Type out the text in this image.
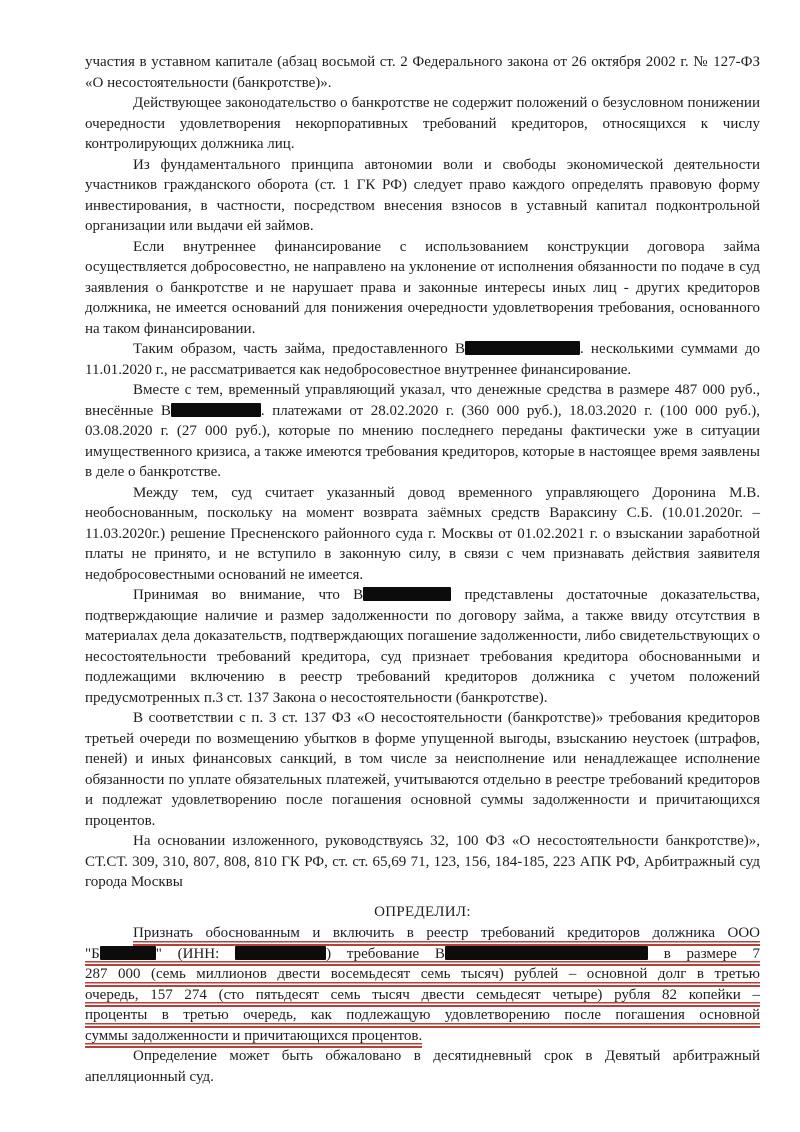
участия в уставном капитале (абзац восьмой ст. 2 Федерального закона от 26 октября 2002 г. № 127-ФЗ «О несостоятельности (банкротстве)».

Действующее законодательство о банкротстве не содержит положений о безусловном понижении очередности удовлетворения некорпоративных требований кредиторов, относящихся к числу контролирующих должника лиц.

Из фундаментального принципа автономии воли и свободы экономической деятельности участников гражданского оборота (ст. 1 ГК РФ) следует право каждого определять правовую форму инвестирования, в частности, посредством внесения взносов в уставный капитал подконтрольной организации или выдачи ей займов.

Если внутреннее финансирование с использованием конструкции договора займа осуществляется добросовестно, не направлено на уклонение от исполнения обязанности по подаче в суд заявления о банкротстве и не нарушает права и законные интересы иных лиц - других кредиторов должника, не имеется оснований для понижения очередности удовлетворения требования, основанного на таком финансировании.

Таким образом, часть займа, предоставленного В	. несколькими суммами до 11.01.2020 г., не рассматривается как недобросовестное внутреннее финансирование.

Вместе с тем, временный управляющий указал, что денежные средства в размере 487 000 руб., внесённые В	. платежами от 28.02.2020 г. (360 000 руб.), 18.03.2020 г. (100 000 руб.), 03.08.2020 г. (27 000 руб.), которые по мнению последнего переданы фактически уже в ситуации имущественного кризиса, а также имеются требования кредиторов, которые в настоящее время заявлены в деле о банкротстве.

Между тем, суд считает указанный довод временного управляющего Доронина М.В. необоснованным, поскольку на момент возврата заёмных средств Вараксину С.Б. (10.01.2020г. – 11.03.2020г.) решение Пресненского районного суда г. Москвы от 01.02.2021 г. о взыскании заработной платы не принято, и не вступило в законную силу, в связи с чем признавать действия заявителя недобросовестными оснований не имеется.

Принимая во внимание, что В	представлены достаточные доказательства, подтверждающие наличие и размер задолженности по договору займа, а также ввиду отсутствия в материалах дела доказательств, подтверждающих погашение задолженности, либо свидетельствующих о несостоятельности требований кредитора, суд признает требования кредитора обоснованными и подлежащими включению в реестр требований кредиторов должника с учетом положений предусмотренных п.3 ст. 137 Закона о несостоятельности (банкротстве).

В соответствии с п. 3 ст. 137 ФЗ «О несостоятельности (банкротстве)» требования кредиторов третьей очереди по возмещению убытков в форме упущенной выгоды, взысканию неустоек (штрафов, пеней) и иных финансовых санкций, в том числе за неисполнение или ненадлежащее исполнение обязанности по уплате обязательных платежей, учитываются отдельно в реестре требований кредиторов и подлежат удовлетворению после погашения основной суммы задолженности и причитающихся процентов.

На основании изложенного, руководствуясь 32, 100 ФЗ «О несостоятельности банкротстве)», СТ.СТ. 309, 310, 807, 808, 810 ГК РФ, ст. ст. 65,69 71, 123, 156, 184-185, 223 АПК РФ, Арбитражный суд города Москвы

ОПРЕДЕЛИЛ:
Признать обоснованным и включить в реестр требований кредиторов должника ООО
"Б	" (ИНН:	) требование В	в размере 7
287 000 (семь миллионов двести восемьдесят семь тысяч) рублей – основной долг в третью
очередь, 157 274 (сто пятьдесят семь тысяч двести семьдесят четыре) рубля 82 копейки –
проценты в третью очередь, как подлежащую удовлетворению после погашения основной
суммы задолженности и причитающихся процентов.

Определение может быть обжаловано в десятидневный срок в Девятый арбитражный апелляционный суд.
